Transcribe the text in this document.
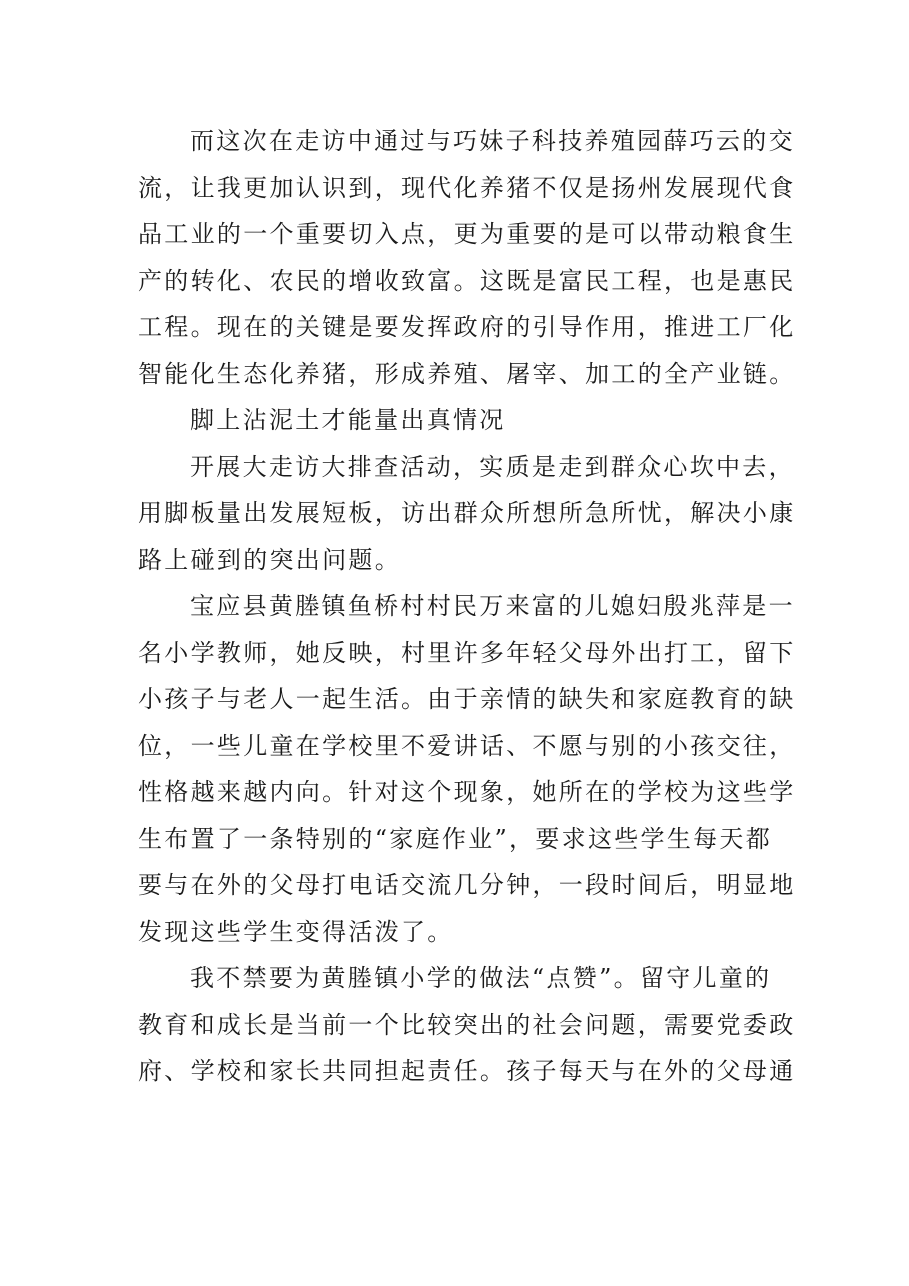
而这次在走访中通过与巧妹子科技养殖园薛巧云的交
流，让我更加认识到，现代化养猪不仅是扬州发展现代食
品工业的一个重要切入点，更为重要的是可以带动粮食生
产的转化、农民的增收致富。这既是富民工程，也是惠民
工程。现在的关键是要发挥政府的引导作用，推进工厂化
智能化生态化养猪，形成养殖、屠宰、加工的全产业链。
脚上沾泥土才能量出真情况
开展大走访大排查活动，实质是走到群众心坎中去，
用脚板量出发展短板，访出群众所想所急所忧，解决小康
路上碰到的突出问题。
宝应县黄塍镇鱼桥村村民万来富的儿媳妇殷兆萍是一
名小学教师，她反映，村里许多年轻父母外出打工，留下
小孩子与老人一起生活。由于亲情的缺失和家庭教育的缺
位，一些儿童在学校里不爱讲话、不愿与别的小孩交往，
性格越来越内向。针对这个现象，她所在的学校为这些学
生布置了一条特别的“家庭作业”，要求这些学生每天都
要与在外的父母打电话交流几分钟，一段时间后，明显地
发现这些学生变得活泼了。
我不禁要为黄塍镇小学的做法“点赞”。留守儿童的
教育和成长是当前一个比较突出的社会问题，需要党委政
府、学校和家长共同担起责任。孩子每天与在外的父母通
